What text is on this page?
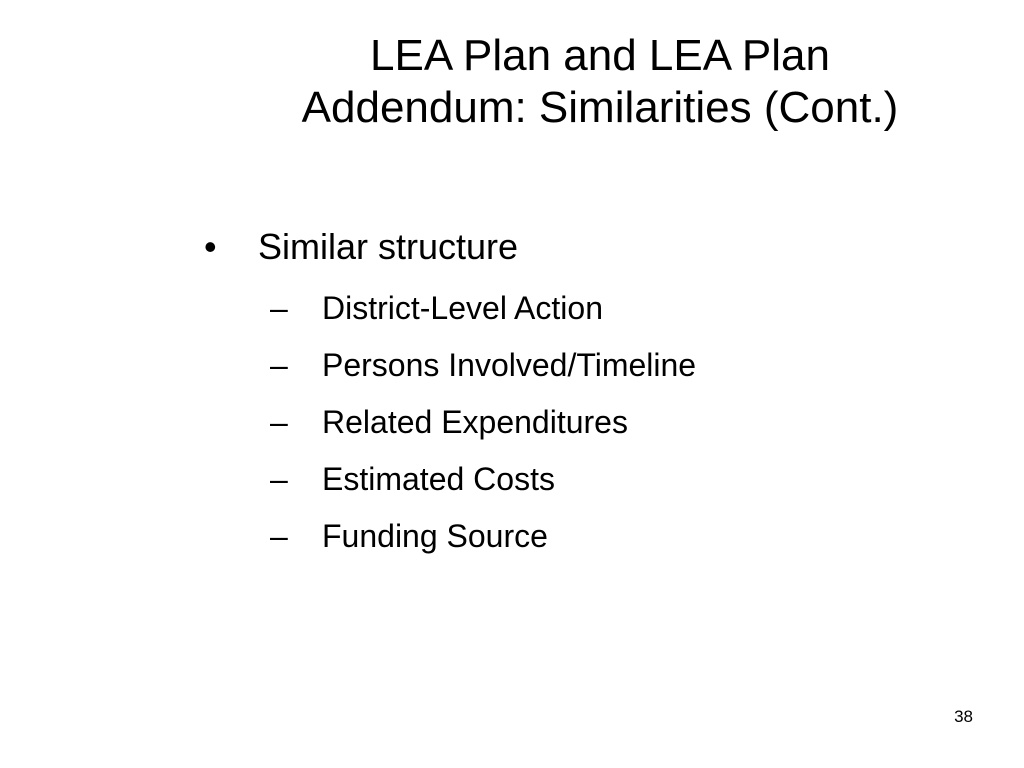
LEA Plan and LEA Plan
Addendum: Similarities (Cont.)
•	Similar structure
–	District-Level Action
–	Persons Involved/Timeline
–	Related Expenditures
–	Estimated Costs
–	Funding Source
38
